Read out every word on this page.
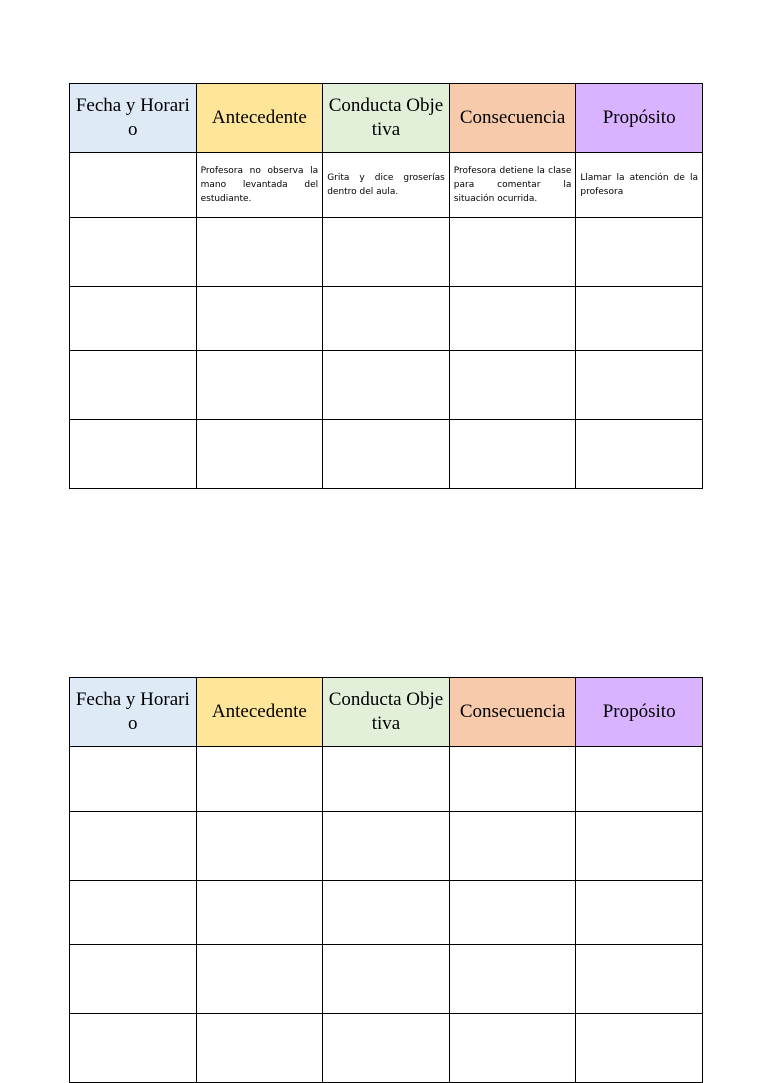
Fecha y Horario	Antecedente	Conducta Objetiva	Consecuencia	Propósito
	Profesora no observa la mano levantada del estudiante.	Grita y dice groserías dentro del aula.	Profesora detiene la clase para comentar la situación ocurrida.	Llamar la atención de la profesora

Fecha y Horario	Antecedente	Conducta Objetiva	Consecuencia	Propósito
